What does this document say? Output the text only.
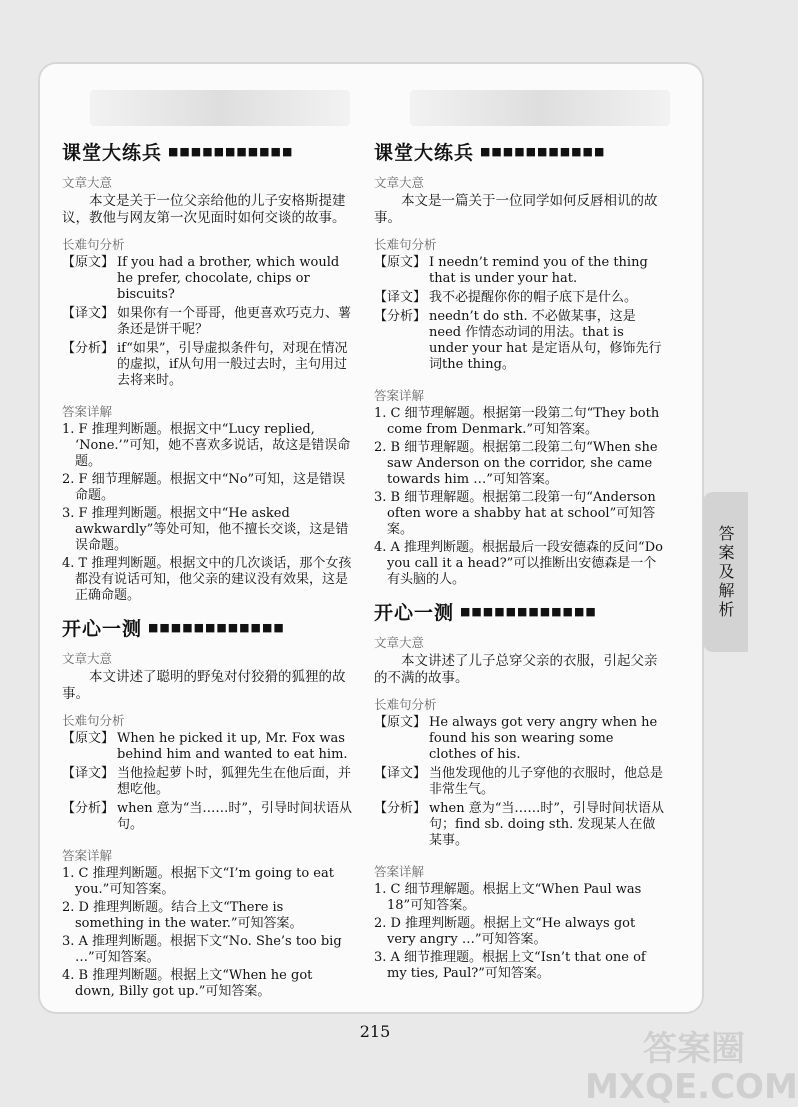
课堂大练兵 ■■■■■■■■■■■
文章大意

本文是关于一位父亲给他的儿子安格斯提建议，教他与网友第一次见面时如何交谈的故事。

长难句分析
【原文】 If you had a brother, which would he prefer, chocolate, chips or biscuits?
【译文】 如果你有一个哥哥，他更喜欢巧克力、薯条还是饼干呢？
【分析】 if“如果”，引导虚拟条件句，对现在情况的虚拟，if从句用一般过去时，主句用过去将来时。
答案详解
1. F 推理判断题。根据文中“Lucy replied, ‘None.’”可知，她不喜欢多说话，故这是错误命题。
2. F 细节理解题。根据文中“No”可知，这是错误命题。
3. F 推理判断题。根据文中“He asked awkwardly”等处可知，他不擅长交谈，这是错误命题。
4. T 推理判断题。根据文中的几次谈话，那个女孩都没有说话可知，他父亲的建议没有效果，这是正确命题。
开心一测 ■■■■■■■■■■■■
文章大意

本文讲述了聪明的野兔对付狡猾的狐狸的故事。

长难句分析
【原文】 When he picked it up, Mr. Fox was behind him and wanted to eat him.
【译文】 当他捡起萝卜时，狐狸先生在他后面，并想吃他。
【分析】 when 意为“当……时”，引导时间状语从句。
答案详解
1. C 推理判断题。根据下文“I’m going to eat you.”可知答案。
2. D 推理判断题。结合上文“There is something in the water.”可知答案。
3. A 推理判断题。根据下文“No. She’s too big …”可知答案。
4. B 推理判断题。根据上文“When he got down, Billy got up.”可知答案。
课堂大练兵 ■■■■■■■■■■■
文章大意

本文是一篇关于一位同学如何反唇相讥的故事。

长难句分析
【原文】 I needn’t remind you of the thing that is under your hat.
【译文】 我不必提醒你你的帽子底下是什么。
【分析】 needn’t do sth. 不必做某事，这是need 作情态动词的用法。that is under your hat 是定语从句，修饰先行词the thing。
答案详解
1. C 细节理解题。根据第一段第二句“They both come from Denmark.”可知答案。
2. B 细节理解题。根据第二段第二句“When she saw Anderson on the corridor, she came towards him …”可知答案。
3. B 细节理解题。根据第二段第一句“Anderson often wore a shabby hat at school”可知答案。
4. A 推理判断题。根据最后一段安德森的反问“Do you call it a head?”可以推断出安德森是一个有头脑的人。
开心一测 ■■■■■■■■■■■■
文章大意

本文讲述了儿子总穿父亲的衣服，引起父亲的不满的故事。

长难句分析
【原文】 He always got very angry when he found his son wearing some clothes of his.
【译文】 当他发现他的儿子穿他的衣服时，他总是非常生气。
【分析】 when 意为“当……时”，引导时间状语从句；find sb. doing sth. 发现某人在做某事。
答案详解
1. C 细节理解题。根据上文“When Paul was 18”可知答案。
2. D 推理判断题。根据上文“He always got very angry …”可知答案。
3. A 细节推理题。根据上文“Isn’t that one of my ties, Paul?”可知答案。
答案及解析
215	答案圈 MXQE.COM
